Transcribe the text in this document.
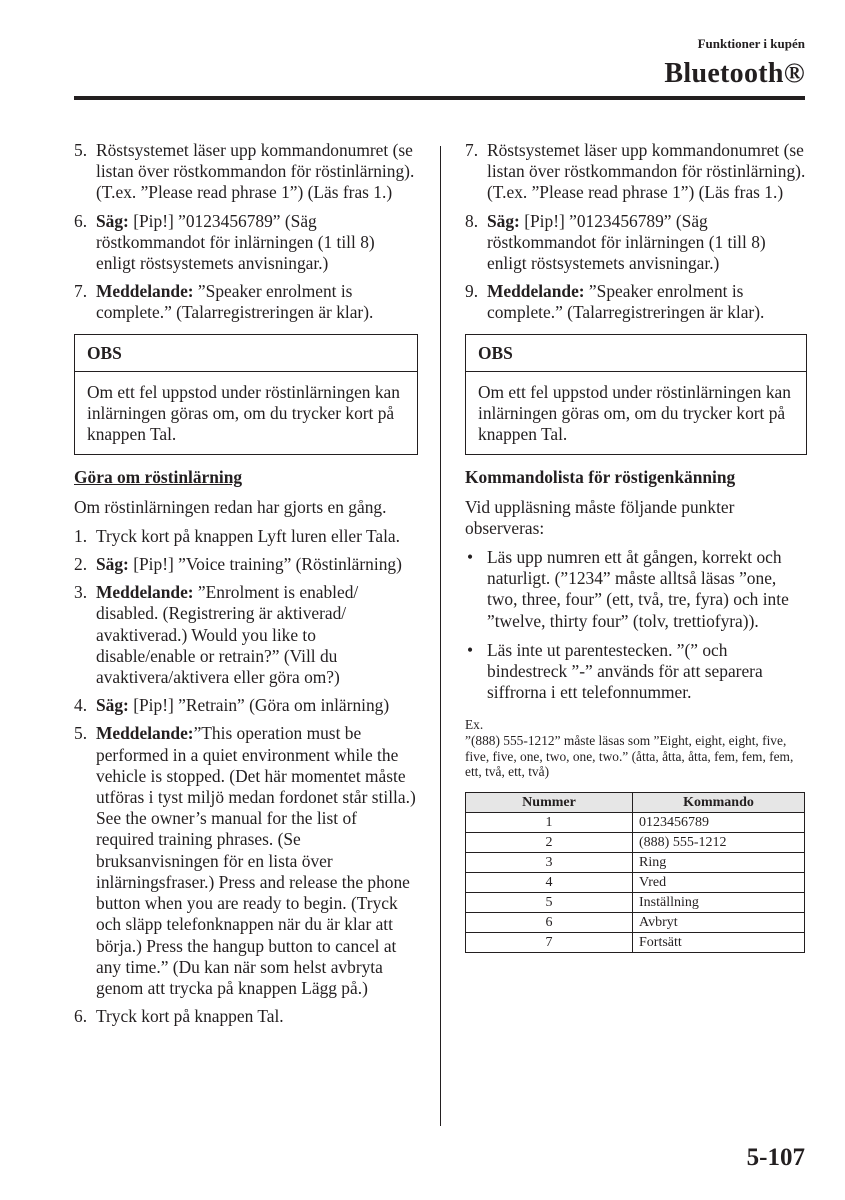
Funktioner i kupén
Bluetooth®
5. Röstsystemet läser upp kommandonumret (se listan över röstkommandon för röstinlärning). (T.ex. ”Please read phrase 1”) (Läs fras 1.)
6. Säg: [Pip!] ”0123456789” (Säg röstkommandot för inlärningen (1 till 8) enligt röstsystemets anvisningar.)
7. Meddelande: ”Speaker enrolment is complete.” (Talarregistreringen är klar).
OBS
Om ett fel uppstod under röstinlärningen kan inlärningen göras om, om du trycker kort på knappen Tal.
Göra om röstinlärning
Om röstinlärningen redan har gjorts en gång.
1. Tryck kort på knappen Lyft luren eller Tala.
2. Säg: [Pip!] ”Voice training” (Röstinlärning)
3. Meddelande: ”Enrolment is enabled/ disabled. (Registrering är aktiverad/ avaktiverad.) Would you like to disable/enable or retrain?” (Vill du avaktivera/aktivera eller göra om?)
4. Säg: [Pip!] ”Retrain” (Göra om inlärning)
5. Meddelande:”This operation must be performed in a quiet environment while the vehicle is stopped. (Det här momentet måste utföras i tyst miljö medan fordonet står stilla.) See the owner’s manual for the list of required training phrases. (Se bruksanvisningen för en lista över inlärningsfraser.) Press and release the phone button when you are ready to begin. (Tryck och släpp telefonknappen när du är klar att börja.) Press the hangup button to cancel at any time.” (Du kan när som helst avbryta genom att trycka på knappen Lägg på.)
6. Tryck kort på knappen Tal.
7. Röstsystemet läser upp kommandonumret (se listan över röstkommandon för röstinlärning). (T.ex. ”Please read phrase 1”) (Läs fras 1.)
8. Säg: [Pip!] ”0123456789” (Säg röstkommandot för inlärningen (1 till 8) enligt röstsystemets anvisningar.)
9. Meddelande: ”Speaker enrolment is complete.” (Talarregistreringen är klar).
OBS
Om ett fel uppstod under röstinlärningen kan inlärningen göras om, om du trycker kort på knappen Tal.
Kommandolista för röstigenkänning
Vid uppläsning måste följande punkter observeras:
• Läs upp numren ett åt gången, korrekt och naturligt. (”1234” måste alltså läsas ”one, two, three, four” (ett, två, tre, fyra) och inte ”twelve, thirty four” (tolv, trettiofyra)).
• Läs inte ut parentestecken. ”(” och bindestreck ”-” används för att separera siffrorna i ett telefonnummer.
Ex.
”(888) 555-1212” måste läsas som ”Eight, eight, eight, five, five, five, one, two, one, two.” (åtta, åtta, åtta, fem, fem, fem, ett, två, ett, två)
Nummer	Kommando
1	0123456789
2	(888) 555-1212
3	Ring
4	Vred
5	Inställning
6	Avbryt
7	Fortsätt
5-107
